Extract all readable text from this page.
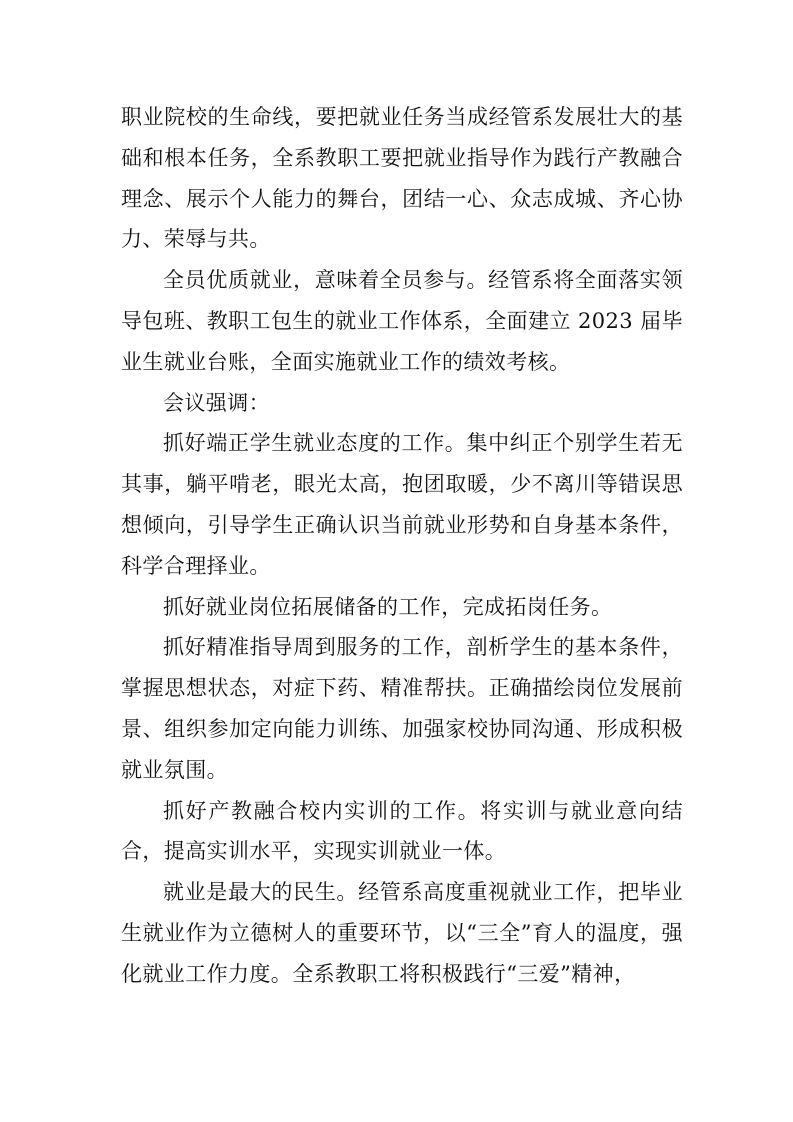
职业院校的生命线，要把就业任务当成经管系发展壮大的基础和根本任务，全系教职工要把就业指导作为践行产教融合理念、展示个人能力的舞台，团结一心、众志成城、齐心协力、荣辱与共。

全员优质就业，意味着全员参与。经管系将全面落实领导包班、教职工包生的就业工作体系，全面建立 2023 届毕业生就业台账，全面实施就业工作的绩效考核。

会议强调：

抓好端正学生就业态度的工作。集中纠正个别学生若无其事，躺平啃老，眼光太高，抱团取暖，少不离川等错误思想倾向，引导学生正确认识当前就业形势和自身基本条件，科学合理择业。

抓好就业岗位拓展储备的工作，完成拓岗任务。

抓好精准指导周到服务的工作，剖析学生的基本条件，掌握思想状态，对症下药、精准帮扶。正确描绘岗位发展前景、组织参加定向能力训练、加强家校协同沟通、形成积极就业氛围。

抓好产教融合校内实训的工作。将实训与就业意向结合，提高实训水平，实现实训就业一体。

就业是最大的民生。经管系高度重视就业工作，把毕业生就业作为立德树人的重要环节，以“三全”育人的温度，强化就业工作力度。全系教职工将积极践行“三爱”精神，
